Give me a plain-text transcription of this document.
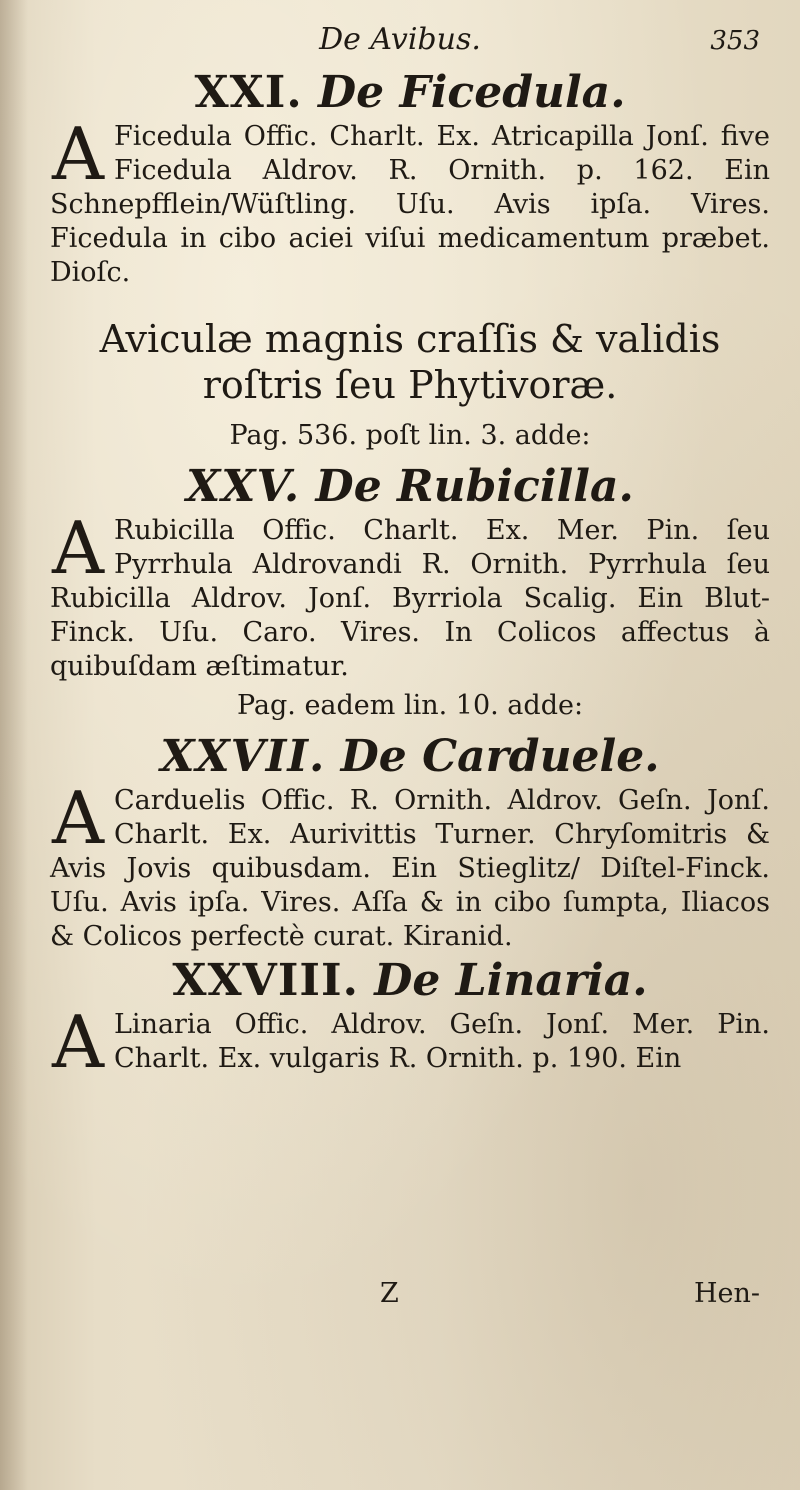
De Avibus.	353
XXI. De Ficedula.

A Ficedula Offic. Charlt. Ex. Atricapilla Jonſ. five Ficedula Aldrov. R. Ornith. p. 162. Ein Schnepfflein/Wüſtling. Uſu. Avis ipſa. Vires. Ficedula in cibo aciei viſui medicamentum præbet. Dioſc.

Aviculæ magnis craſſis & validis
roſtris ſeu Phytivoræ.
Pag. 536. poſt lin. 3. adde:
XXV. De Rubicilla.

A Rubicilla Offic. Charlt. Ex. Mer. Pin. ſeu Pyrrhula Aldrovandi R. Ornith. Pyrrhula ſeu Rubicilla Aldrov. Jonſ. Byrriola Scalig. Ein Blut-Finck. Uſu. Caro. Vires. In Colicos affectus à quibuſdam æſtimatur.

Pag. eadem lin. 10. adde:
XXVII. De Carduele.

A Carduelis Offic. R. Ornith. Aldrov. Geſn. Jonſ. Charlt. Ex. Aurivittis Turner. Chryſomitris & Avis Jovis quibusdam. Ein Stieglitz/ Diſtel-Finck. Uſu. Avis ipſa. Vires. Aſſa & in cibo ſumpta, Iliacos & Colicos perfectè curat. Kiranid.

XXVIII. De Linaria.

A Linaria Offic. Aldrov. Geſn. Jonſ. Mer. Pin. Charlt. Ex. vulgaris R. Ornith. p. 190. Ein

Z	Hen-
